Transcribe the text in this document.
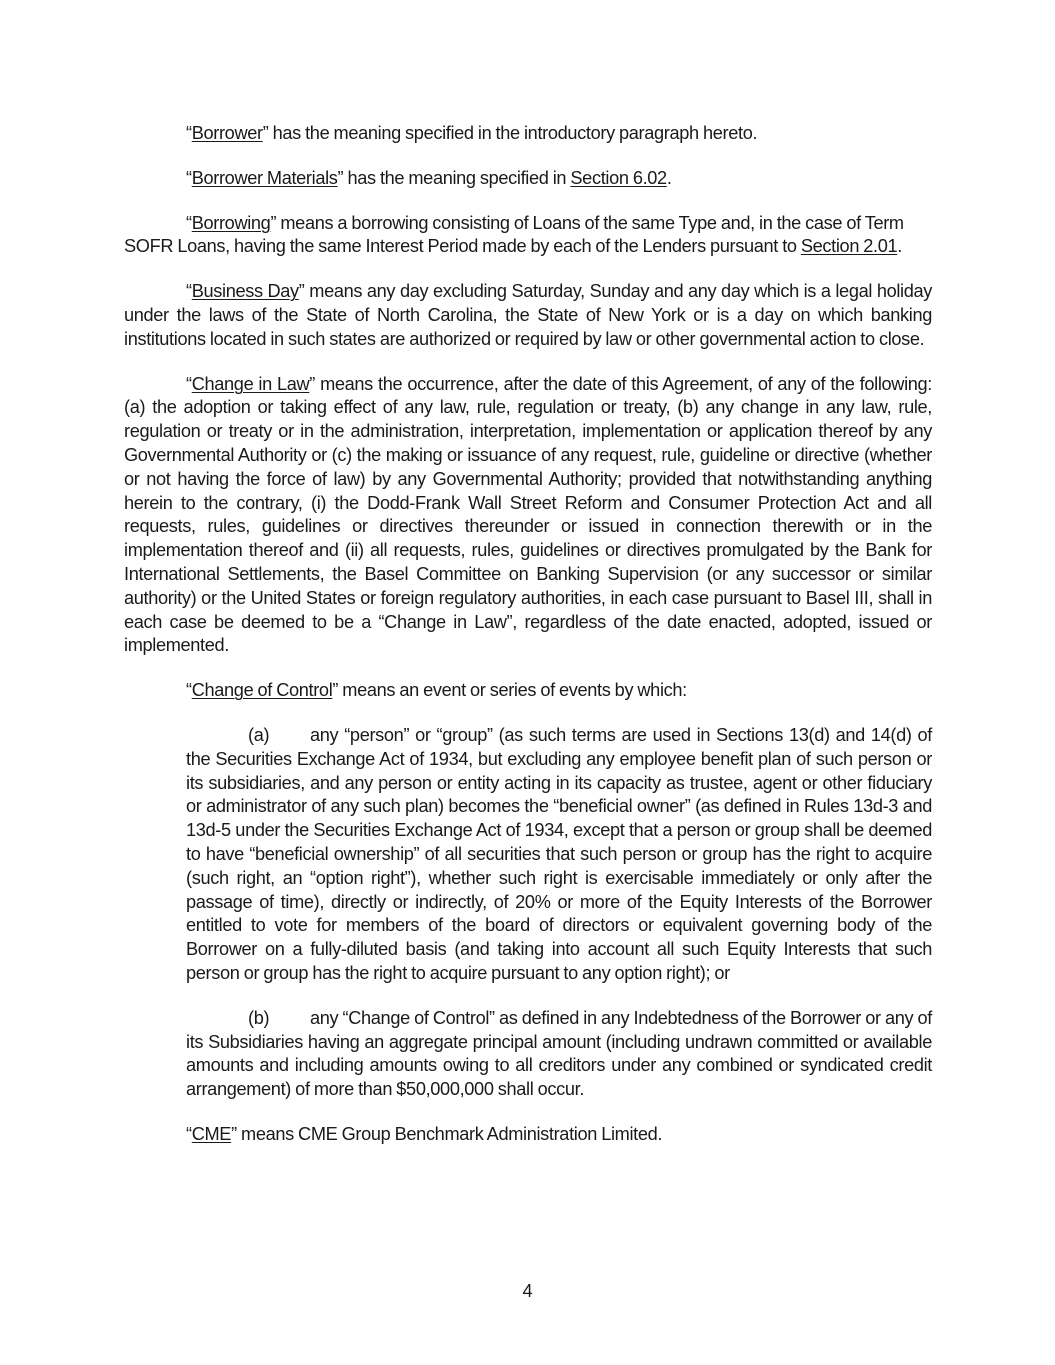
“Borrower” has the meaning specified in the introductory paragraph hereto.

“Borrower Materials” has the meaning specified in Section 6.02.

“Borrowing” means a borrowing consisting of Loans of the same Type and, in the case of Term SOFR Loans, having the same Interest Period made by each of the Lenders pursuant to Section 2.01.

“Business Day” means any day excluding Saturday, Sunday and any day which is a legal holiday under the laws of the State of North Carolina, the State of New York or is a day on which banking institutions located in such states are authorized or required by law or other governmental action to close.

“Change in Law” means the occurrence, after the date of this Agreement, of any of the following: (a) the adoption or taking effect of any law, rule, regulation or treaty, (b) any change in any law, rule, regulation or treaty or in the administration, interpretation, implementation or application thereof by any Governmental Authority or (c) the making or issuance of any request, rule, guideline or directive (whether or not having the force of law) by any Governmental Authority; provided that notwithstanding anything herein to the contrary, (i) the Dodd-Frank Wall Street Reform and Consumer Protection Act and all requests, rules, guidelines or directives thereunder or issued in connection therewith or in the implementation thereof and (ii) all requests, rules, guidelines or directives promulgated by the Bank for International Settlements, the Basel Committee on Banking Supervision (or any successor or similar authority) or the United States or foreign regulatory authorities, in each case pursuant to Basel III, shall in each case be deemed to be a “Change in Law”, regardless of the date enacted, adopted, issued or implemented.

“Change of Control” means an event or series of events by which:

(a) any “person” or “group” (as such terms are used in Sections 13(d) and 14(d) of the Securities Exchange Act of 1934, but excluding any employee benefit plan of such person or its subsidiaries, and any person or entity acting in its capacity as trustee, agent or other fiduciary or administrator of any such plan) becomes the “beneficial owner” (as defined in Rules 13d-3 and 13d-5 under the Securities Exchange Act of 1934, except that a person or group shall be deemed to have “beneficial ownership” of all securities that such person or group has the right to acquire (such right, an “option right”), whether such right is exercisable immediately or only after the passage of time), directly or indirectly, of 20% or more of the Equity Interests of the Borrower entitled to vote for members of the board of directors or equivalent governing body of the Borrower on a fully-diluted basis (and taking into account all such Equity Interests that such person or group has the right to acquire pursuant to any option right); or

(b) any “Change of Control” as defined in any Indebtedness of the Borrower or any of its Subsidiaries having an aggregate principal amount (including undrawn committed or available amounts and including amounts owing to all creditors under any combined or syndicated credit arrangement) of more than $50,000,000 shall occur.

“CME” means CME Group Benchmark Administration Limited.

4
